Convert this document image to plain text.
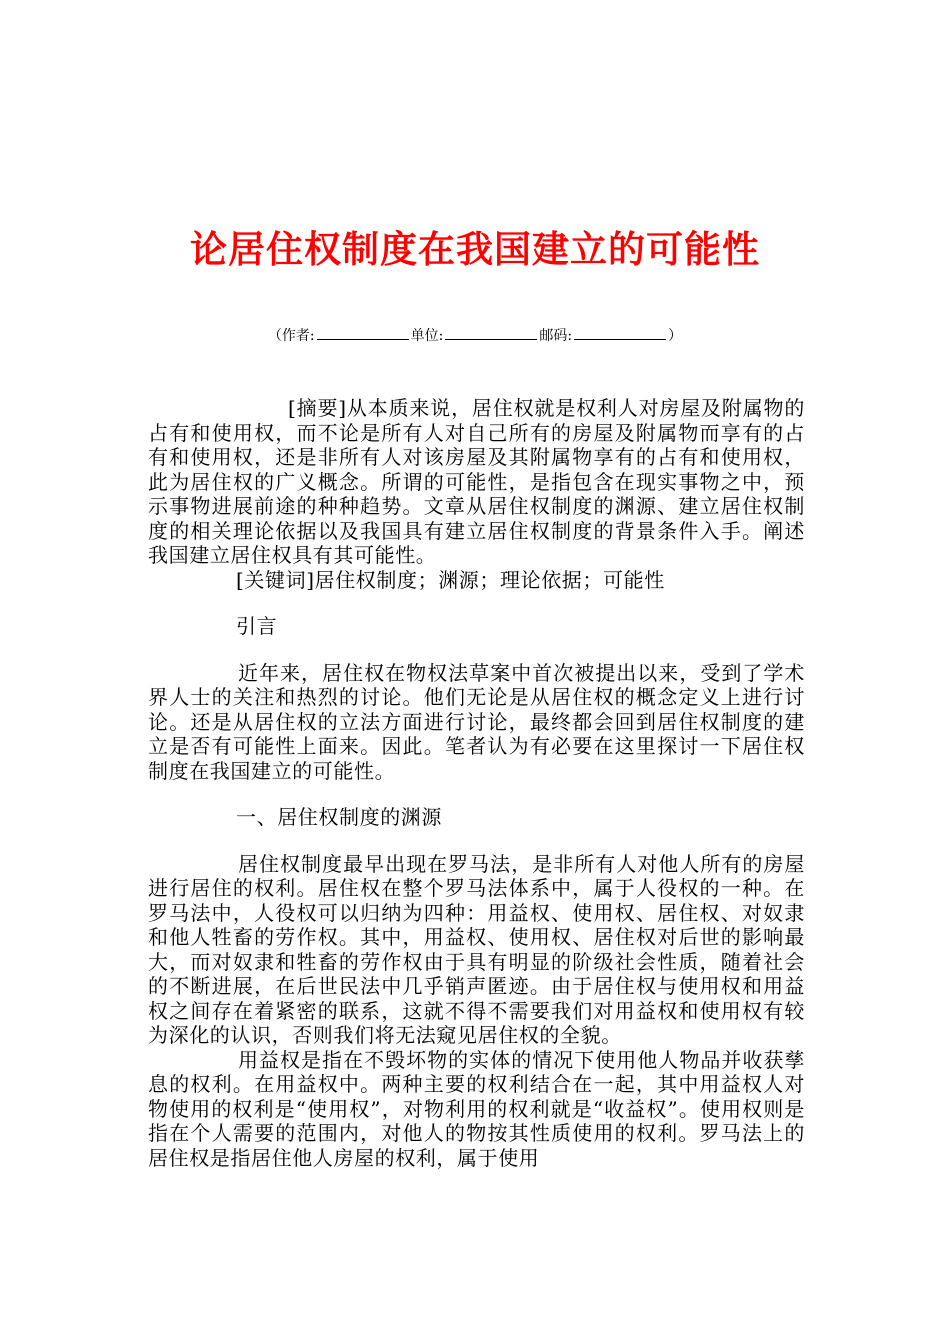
论居住权制度在我国建立的可能性
（作者:	单位:	邮码:	）

[摘要]从本质来说，居住权就是权利人对房屋及附属物的占有和使用权，而不论是所有人对自己所有的房屋及附属物而享有的占有和使用权，还是非所有人对该房屋及其附属物享有的占有和使用权，此为居住权的广义概念。所谓的可能性，是指包含在现实事物之中，预示事物进展前途的种种趋势。文章从居住权制度的渊源、建立居住权制度的相关理论依据以及我国具有建立居住权制度的背景条件入手。阐述我国建立居住权具有其可能性。

[关键词]居住权制度；渊源；理论依据；可能性

引言

近年来，居住权在物权法草案中首次被提出以来，受到了学术界人士的关注和热烈的讨论。他们无论是从居住权的概念定义上进行讨论。还是从居住权的立法方面进行讨论，最终都会回到居住权制度的建立是否有可能性上面来。因此。笔者认为有必要在这里探讨一下居住权制度在我国建立的可能性。

一、居住权制度的渊源

居住权制度最早出现在罗马法，是非所有人对他人所有的房屋进行居住的权利。居住权在整个罗马法体系中，属于人役权的一种。在罗马法中，人役权可以归纳为四种：用益权、使用权、居住权、对奴隶和他人牲畜的劳作权。其中，用益权、使用权、居住权对后世的影响最大，而对奴隶和牲畜的劳作权由于具有明显的阶级社会性质，随着社会的不断进展，在后世民法中几乎销声匿迹。由于居住权与使用权和用益权之间存在着紧密的联系，这就不得不需要我们对用益权和使用权有较为深化的认识，否则我们将无法窥见居住权的全貌。

用益权是指在不毁坏物的实体的情况下使用他人物品并收获孳息的权利。在用益权中。两种主要的权利结合在一起，其中用益权人对物使用的权利是“使用权”，对物利用的权利就是“收益权”。使用权则是指在个人需要的范围内，对他人的物按其性质使用的权利。罗马法上的居住权是指居住他人房屋的权利，属于使用
